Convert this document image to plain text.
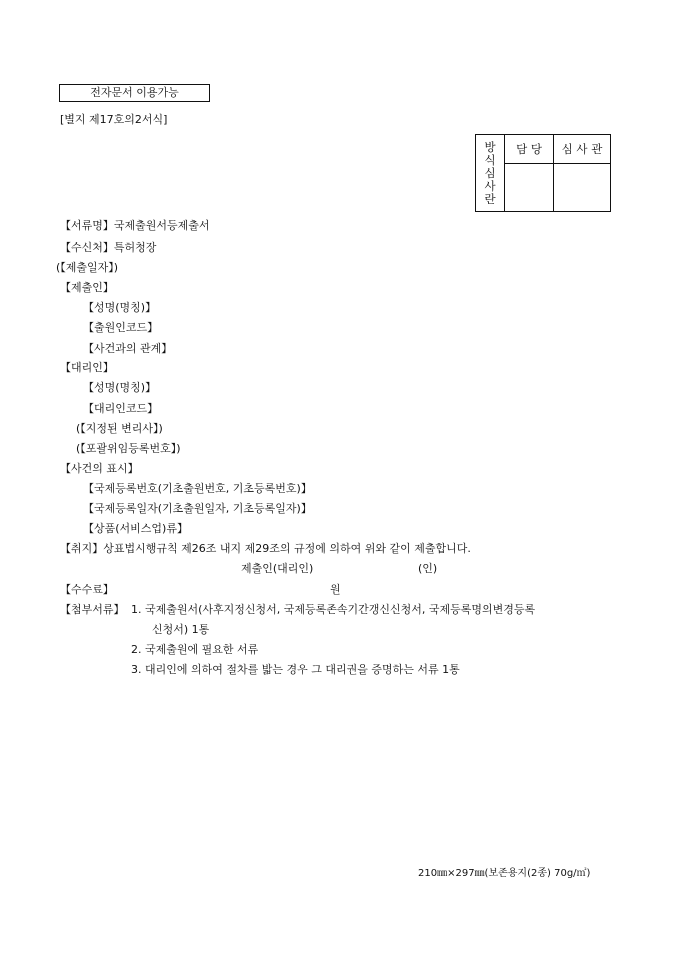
전자문서 이용가능
[별지 제17호의2서식]
방
식
심
사
란	담 당	심 사 관

【서류명】국제출원서등제출서
【수신처】특허청장
(【제출일자】)
【제출인】
【성명(명칭)】
【출원인코드】
【사건과의 관계】
【대리인】
【성명(명칭)】
【대리인코드】
(【지정된 변리사】)
(【포괄위임등록번호】)
【사건의 표시】
【국제등록번호(기초출원번호, 기초등록번호)】
【국제등록일자(기초출원일자, 기초등록일자)】
【상품(서비스업)류】
【취지】상표법시행규칙 제26조 내지 제29조의 규정에 의하여 위와 같이 제출합니다.
제출인(대리인)	(인)
【수수료】	원
【첨부서류】 1. 국제출원서(사후지정신청서, 국제등록존속기간갱신신청서, 국제등록명의변경등록
신청서) 1통
2. 국제출원에 필요한 서류
3. 대리인에 의하여 절차를 밟는 경우 그 대리권을 증명하는 서류 1통
210㎜×297㎜(보존용지(2종) 70g/㎡)
